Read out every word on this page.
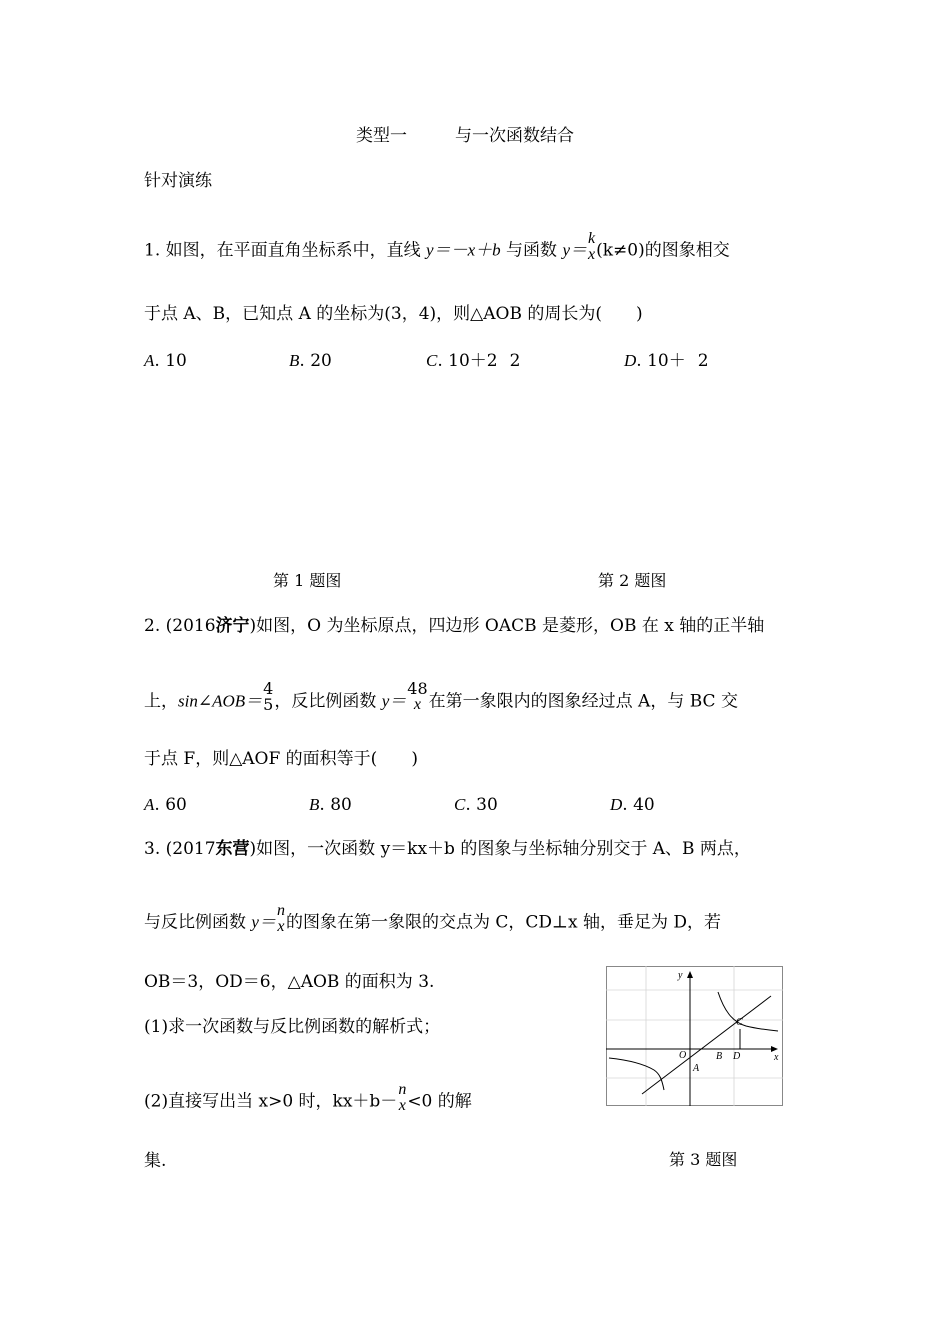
类型一	与一次函数结合
针对演练
1. 如图，在平面直角坐标系中，直线 y＝－x＋b 与函数 y＝
k
x (k≠0)的图象相交
于点 A、B，已知点 A 的坐标为(3，4)，则△AOB 的周长为(　　)
A. 10	B. 20	C. 10＋2 2	D. 10＋ 2
第 1 题图	第 2 题图
2. (2016济宁)如图，O 为坐标原点，四边形 OACB 是菱形，OB 在 x 轴的正半轴
上，sin∠AOB＝
4
5 ，反比例函数 y＝
48
x 在第一象限内的图象经过点 A，与 BC 交
于点 F，则△AOF 的面积等于(　　)
A. 60	B. 80	C. 30	D. 40
3. (2017东营)如图，一次函数 y＝kx＋b 的图象与坐标轴分别交于 A、B 两点，
与反比例函数 y＝
n
x 的图象在第一象限的交点为 C，CD⊥x 轴，垂足为 D，若
OB＝3，OD＝6，△AOB 的面积为 3.
(1)求一次函数与反比例函数的解析式；
(2)直接写出当 x>0 时，kx＋b－
n
x <0 的解
集.	第 3 题图
y
x
O
A
B D
C
